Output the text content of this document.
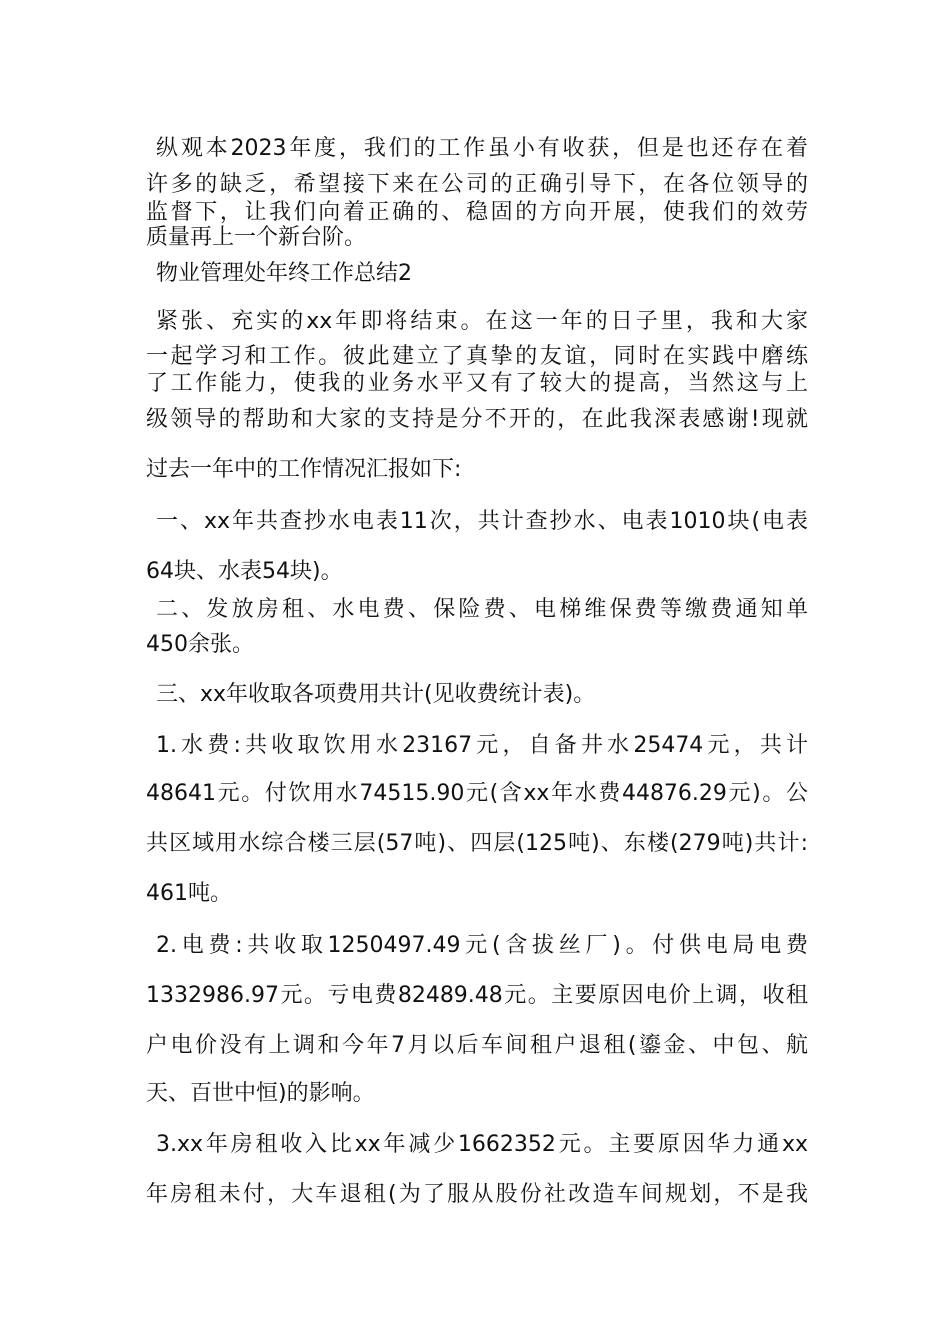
纵观本2023年度，我们的工作虽小有收获，但是也还存在着
许多的缺乏，希望接下来在公司的正确引导下，在各位领导的
监督下，让我们向着正确的、稳固的方向开展，使我们的效劳
质量再上一个新台阶。
物业管理处年终工作总结2
紧张、充实的xx年即将结束。在这一年的日子里，我和大家
一起学习和工作。彼此建立了真挚的友谊，同时在实践中磨练
了工作能力，使我的业务水平又有了较大的提高，当然这与上
级领导的帮助和大家的支持是分不开的，在此我深表感谢!现就
过去一年中的工作情况汇报如下:
一、xx年共查抄水电表11次，共计查抄水、电表1010块(电表
64块、水表54块)。
二、发放房租、水电费、保险费、电梯维保费等缴费通知单
450余张。
三、xx年收取各项费用共计(见收费统计表)。
1.水费:共收取饮用水23167元，自备井水25474元，共计
48641元。付饮用水74515.90元(含xx年水费44876.29元)。公
共区域用水综合楼三层(57吨)、四层(125吨)、东楼(279吨)共计:
461吨。
2.电费:共收取1250497.49元(含拔丝厂)。付供电局电费
1332986.97元。亏电费82489.48元。主要原因电价上调，收租
户电价没有上调和今年7月以后车间租户退租(鎏金、中包、航
天、百世中恒)的影响。
3.xx年房租收入比xx年减少1662352元。主要原因华力通xx
年房租未付，大车退租(为了服从股份社改造车间规划，不是我
